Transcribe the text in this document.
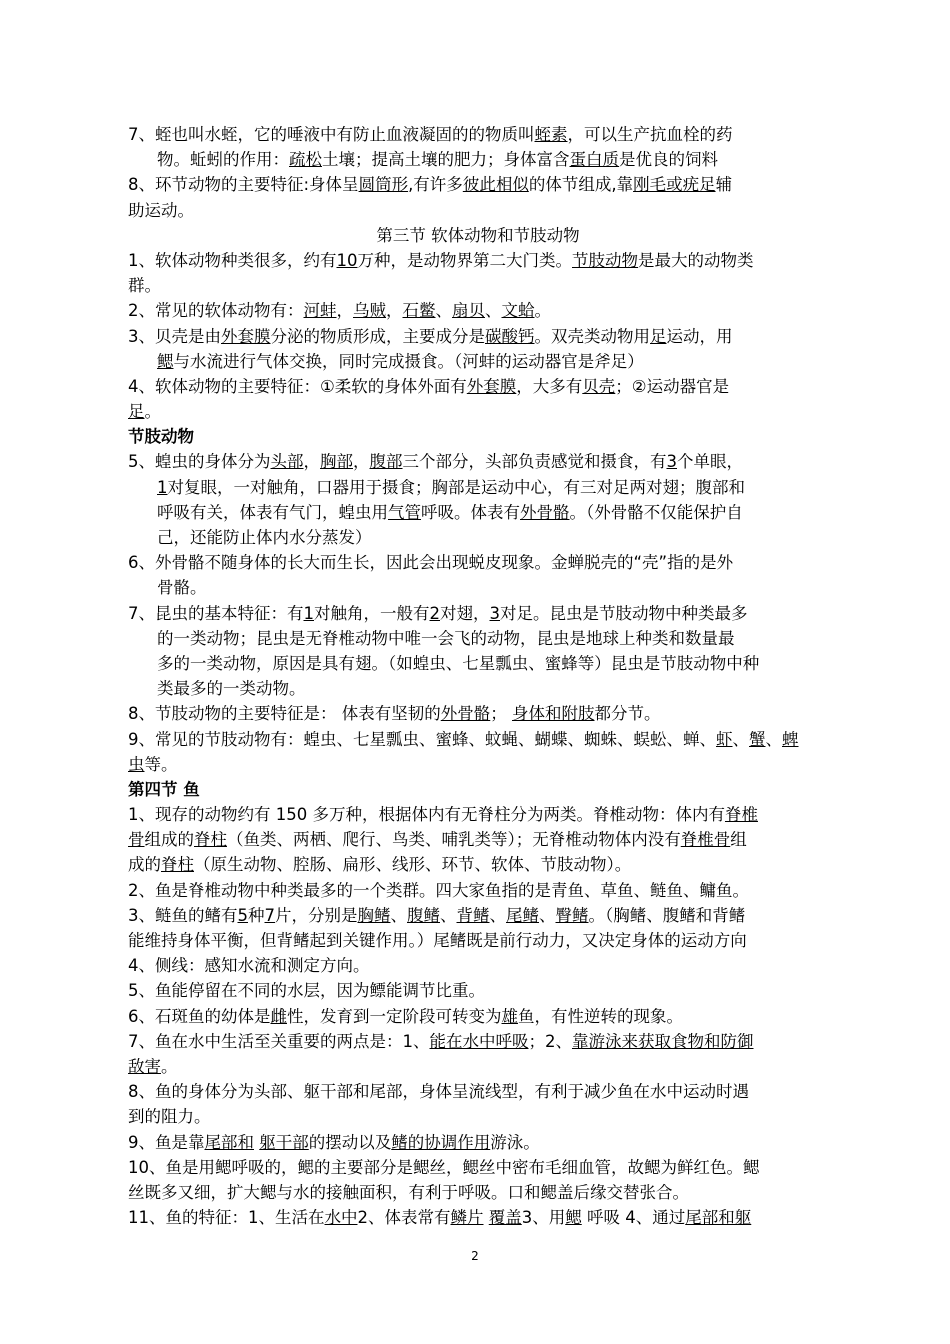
7、蛭也叫水蛭，它的唾液中有防止血液凝固的的物质叫蛭素，可以生产抗血栓的药
物。蚯蚓的作用：疏松土壤；提高土壤的肥力；身体富含蛋白质是优良的饲料
8、环节动物的主要特征:身体呈圆筒形,有许多彼此相似的体节组成,靠刚毛或疣足辅
助运动。
第三节 软体动物和节肢动物
1、软体动物种类很多，约有10万种，是动物界第二大门类。节肢动物是最大的动物类
群。
2、常见的软体动物有：河蚌，乌贼，石鳖、扇贝、文蛤。
3、贝壳是由外套膜分泌的物质形成，主要成分是碳酸钙。双壳类动物用足运动，用
鳃与水流进行气体交换，同时完成摄食。（河蚌的运动器官是斧足）
4、软体动物的主要特征：①柔软的身体外面有外套膜，大多有贝壳；②运动器官是
足。
节肢动物
5、蝗虫的身体分为头部，胸部，腹部三个部分，头部负责感觉和摄食，有3个单眼，
1对复眼，一对触角，口器用于摄食；胸部是运动中心，有三对足两对翅；腹部和
呼吸有关，体表有气门，蝗虫用气管呼吸。体表有外骨骼。（外骨骼不仅能保护自
己，还能防止体内水分蒸发）
6、外骨骼不随身体的长大而生长，因此会出现蜕皮现象。金蝉脱壳的“壳”指的是外
骨骼。
7、昆虫的基本特征：有1对触角，一般有2对翅，3对足。昆虫是节肢动物中种类最多
的一类动物；昆虫是无脊椎动物中唯一会飞的动物，昆虫是地球上种类和数量最
多的一类动物，原因是具有翅。（如蝗虫、七星瓢虫、蜜蜂等）昆虫是节肢动物中种
类最多的一类动物。
8、节肢动物的主要特征是： 体表有坚韧的外骨骼； 身体和附肢都分节。
9、常见的节肢动物有：蝗虫、七星瓢虫、蜜蜂、蚊蝇、蝴蝶、蜘蛛、蜈蚣、蝉、虾、蟹、蜱
虫等。
第四节 鱼
1、现存的动物约有 150 多万种，根据体内有无脊柱分为两类。脊椎动物：体内有脊椎
骨组成的脊柱（鱼类、两栖、爬行、鸟类、哺乳类等）；无脊椎动物体内没有脊椎骨组
成的脊柱（原生动物、腔肠、扁形、线形、环节、软体、节肢动物）。
2、鱼是脊椎动物中种类最多的一个类群。四大家鱼指的是青鱼、草鱼、鲢鱼、鳙鱼。
3、鲢鱼的鳍有5种7片，分别是胸鳍、腹鳍、背鳍、尾鳍、臀鳍。（胸鳍、腹鳍和背鳍
能维持身体平衡，但背鳍起到关键作用。）尾鳍既是前行动力，又决定身体的运动方向
4、侧线：感知水流和测定方向。
5、鱼能停留在不同的水层，因为鳔能调节比重。
6、石斑鱼的幼体是雌性，发育到一定阶段可转变为雄鱼，有性逆转的现象。
7、鱼在水中生活至关重要的两点是：1、能在水中呼吸；2、靠游泳来获取食物和防御
敌害。
8、鱼的身体分为头部、躯干部和尾部，身体呈流线型，有利于减少鱼在水中运动时遇
到的阻力。
9、鱼是靠尾部和 躯干部的摆动以及鳍的协调作用游泳。
10、鱼是用鳃呼吸的，鳃的主要部分是鳃丝，鳃丝中密布毛细血管，故鳃为鲜红色。鳃
丝既多又细，扩大鳃与水的接触面积，有利于呼吸。口和鳃盖后缘交替张合。
11、鱼的特征：1、生活在水中2、体表常有鳞片 覆盖3、用鳃 呼吸 4、通过尾部和躯
2
